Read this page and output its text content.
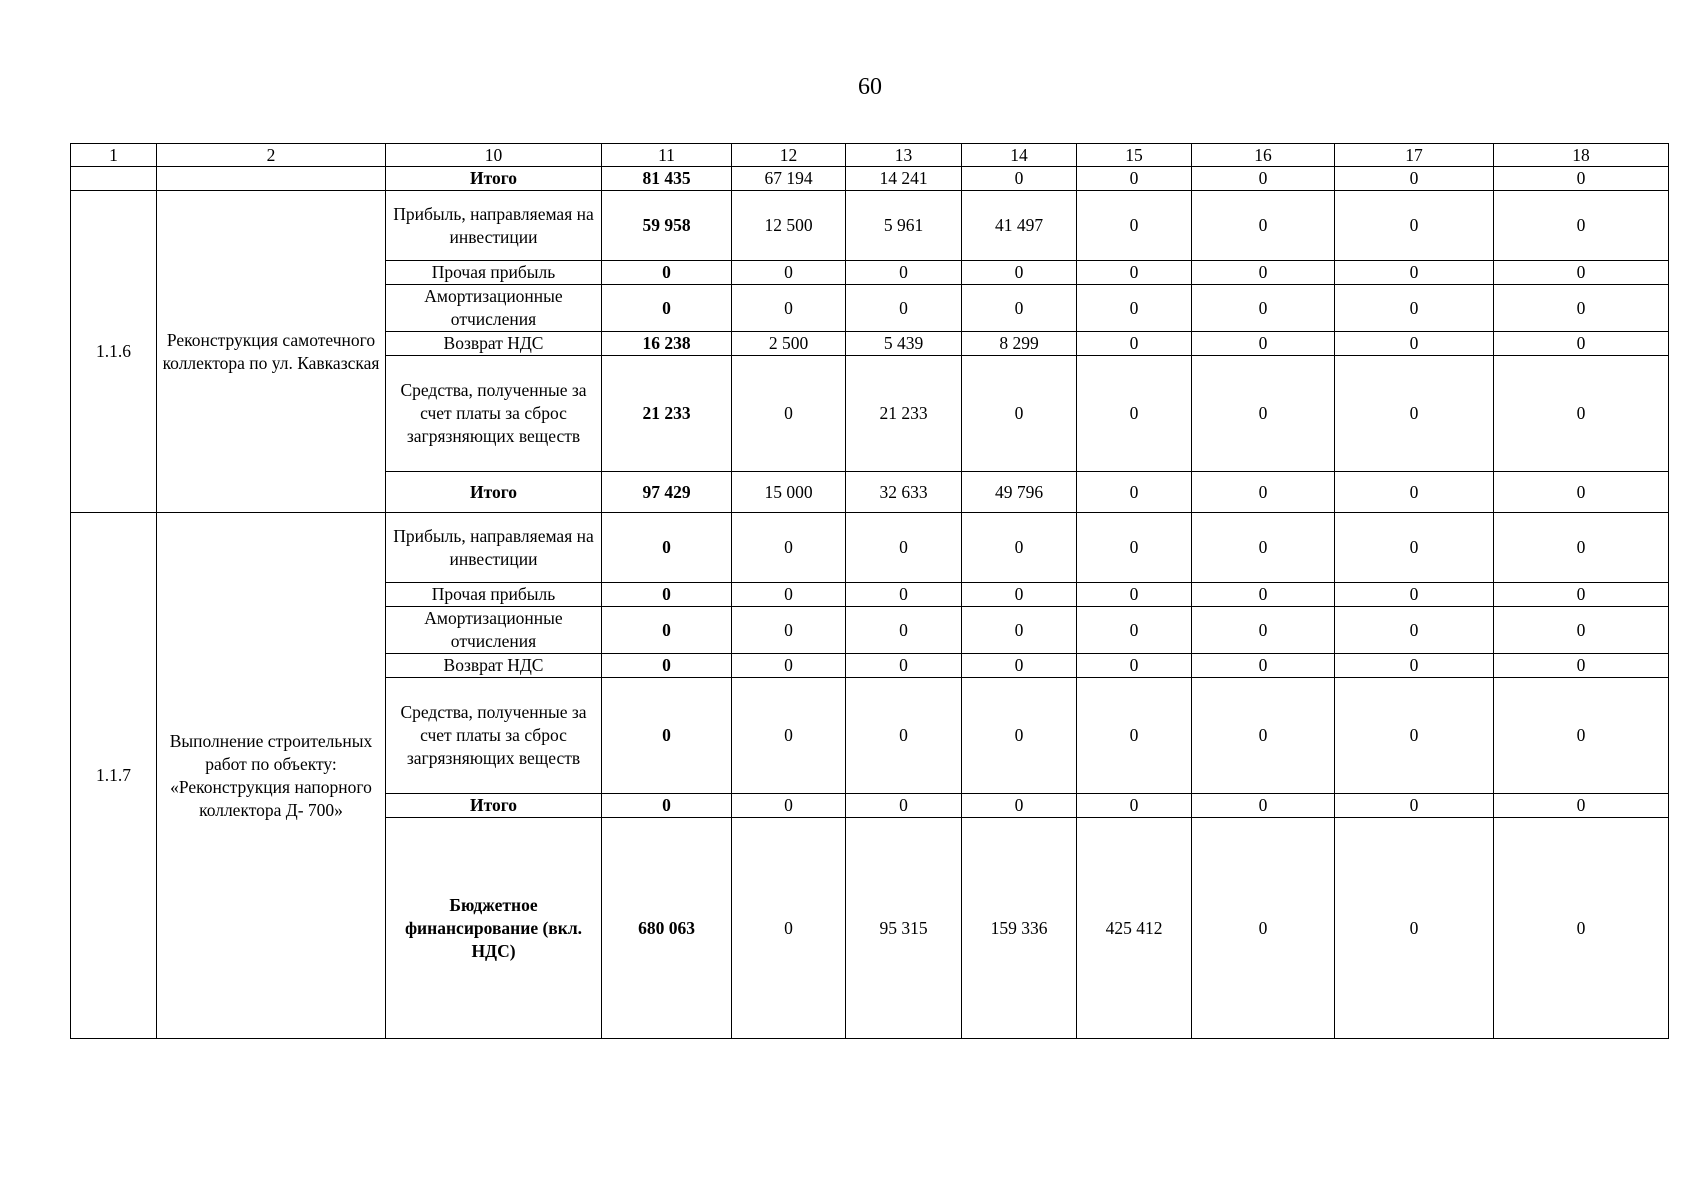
60
1	2	10	11	12	13	14	15	16	17	18
		Итого	81 435	67 194	14 241	0	0	0	0	0
1.1.6	Реконструкция самотечного коллектора по ул. Кавказская	Прибыль, направляемая на инвестиции	59 958	12 500	5 961	41 497	0	0	0	0
		Прочая прибыль	0	0	0	0	0	0	0	0
		Амортизационные отчисления	0	0	0	0	0	0	0	0
		Возврат НДС	16 238	2 500	5 439	8 299	0	0	0	0
		Средства, полученные за счет платы за сброс загрязняющих веществ	21 233	0	21 233	0	0	0	0	0
		Итого	97 429	15 000	32 633	49 796	0	0	0	0
1.1.7	Выполнение строительных работ по объекту: «Реконструкция напорного коллектора Д- 700»	Прибыль, направляемая на инвестиции	0	0	0	0	0	0	0	0
		Прочая прибыль	0	0	0	0	0	0	0	0
		Амортизационные отчисления	0	0	0	0	0	0	0	0
		Возврат НДС	0	0	0	0	0	0	0	0
		Средства, полученные за счет платы за сброс загрязняющих веществ	0	0	0	0	0	0	0	0
		Итого	0	0	0	0	0	0	0	0
		Бюджетное финансирование (вкл. НДС)	680 063	0	95 315	159 336	425 412	0	0	0
